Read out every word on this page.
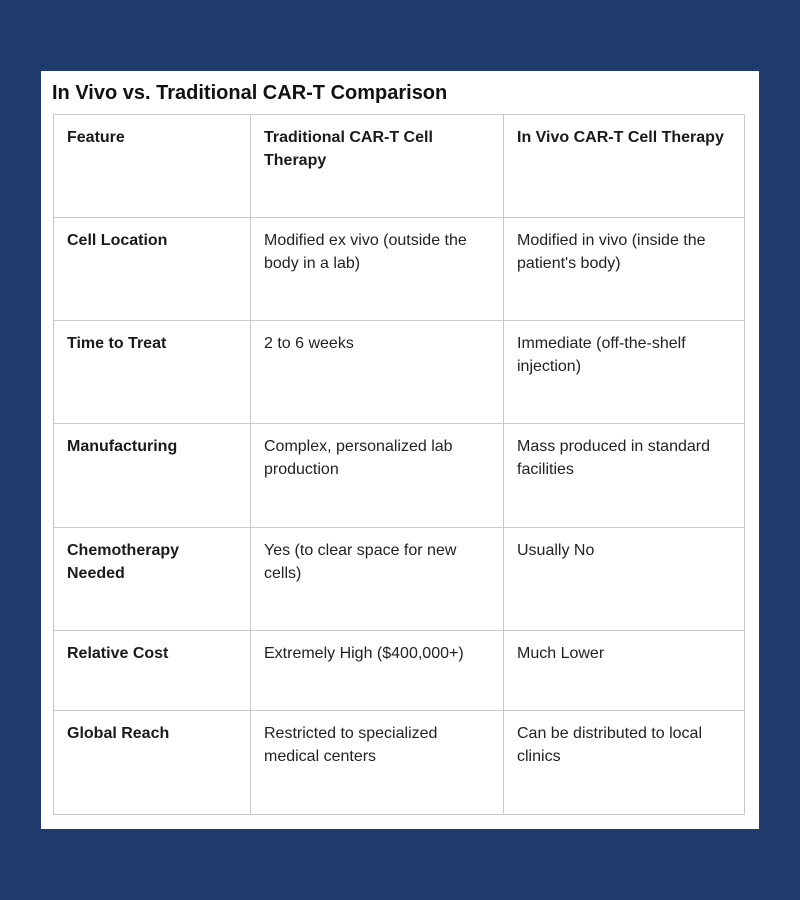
In Vivo vs. Traditional CAR-T Comparison
Feature	Traditional CAR-T Cell Therapy	In Vivo CAR-T Cell Therapy
Cell Location	Modified ex vivo (outside the body in a lab)	Modified in vivo (inside the patient's body)
Time to Treat	2 to 6 weeks	Immediate (off-the-shelf injection)
Manufacturing	Complex, personalized lab production	Mass produced in standard facilities
Chemotherapy Needed	Yes (to clear space for new cells)	Usually No
Relative Cost	Extremely High ($400,000+)	Much Lower
Global Reach	Restricted to specialized medical centers	Can be distributed to local clinics
